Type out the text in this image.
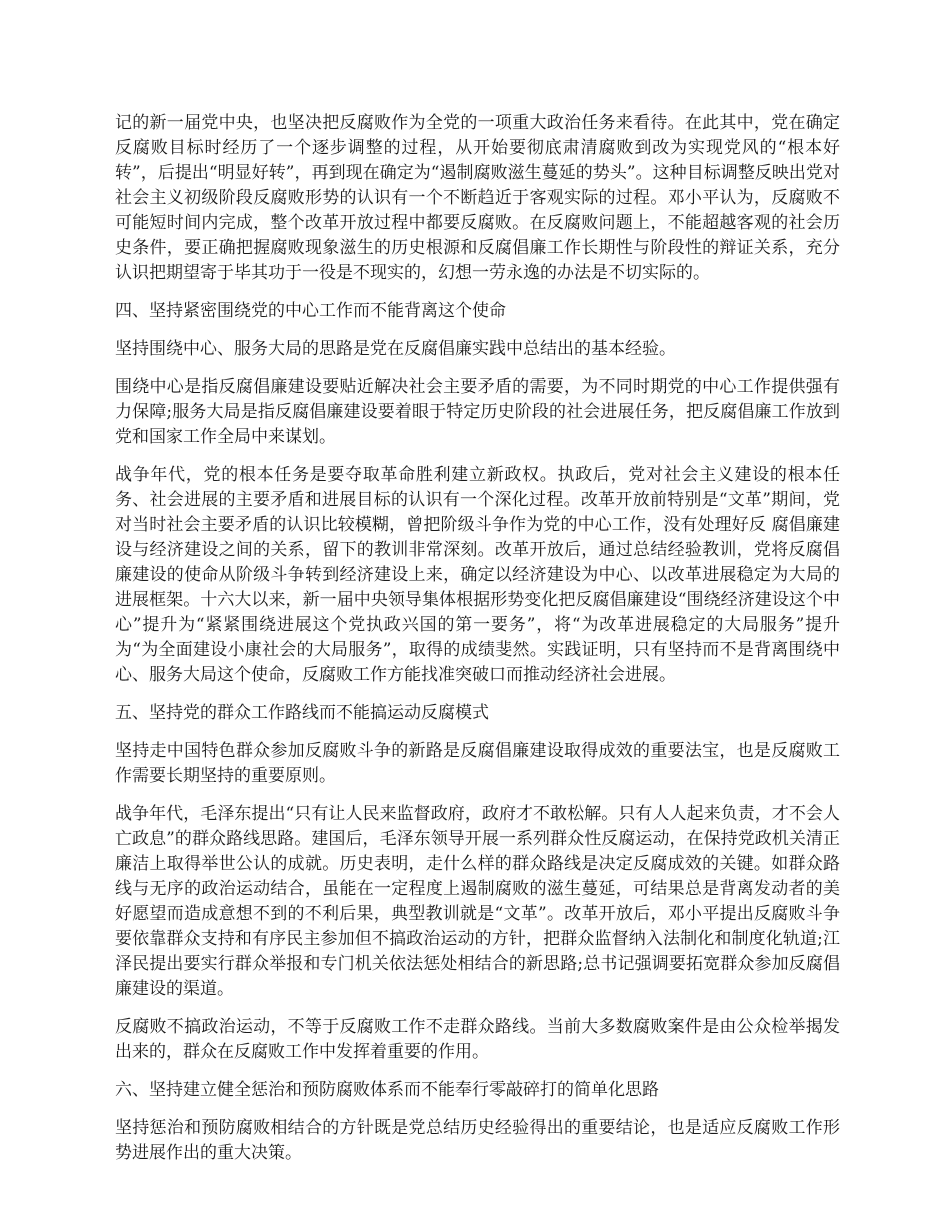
记的新一届党中央，也坚决把反腐败作为全党的一项重大政治任务来看待。在此其中，党在确定反腐败目标时经历了一个逐步调整的过程，从开始要彻底肃清腐败到改为实现党风的“根本好转”，后提出“明显好转”，再到现在确定为“遏制腐败滋生蔓延的势头”。这种目标调整反映出党对社会主义初级阶段反腐败形势的认识有一个不断趋近于客观实际的过程。邓小平认为，反腐败不可能短时间内完成，整个改革开放过程中都要反腐败。在反腐败问题上，不能超越客观的社会历史条件，要正确把握腐败现象滋生的历史根源和反腐倡廉工作长期性与阶段性的辩证关系，充分认识把期望寄于毕其功于一役是不现实的，幻想一劳永逸的办法是不切实际的。

四、坚持紧密围绕党的中心工作而不能背离这个使命

坚持围绕中心、服务大局的思路是党在反腐倡廉实践中总结出的基本经验。

围绕中心是指反腐倡廉建设要贴近解决社会主要矛盾的需要，为不同时期党的中心工作提供强有力保障;服务大局是指反腐倡廉建设要着眼于特定历史阶段的社会进展任务，把反腐倡廉工作放到党和国家工作全局中来谋划。

战争年代，党的根本任务是要夺取革命胜利建立新政权。执政后，党对社会主义建设的根本任务、社会进展的主要矛盾和进展目标的认识有一个深化过程。改革开放前特别是“文革”期间，党对当时社会主要矛盾的认识比较模糊，曾把阶级斗争作为党的中心工作，没有处理好反 腐倡廉建设与经济建设之间的关系，留下的教训非常深刻。改革开放后，通过总结经验教训，党将反腐倡廉建设的使命从阶级斗争转到经济建设上来，确定以经济建设为中心、以改革进展稳定为大局的进展框架。十六大以来，新一届中央领导集体根据形势变化把反腐倡廉建设“围绕经济建设这个中心”提升为“紧紧围绕进展这个党执政兴国的第一要务”，将“为改革进展稳定的大局服务”提升为“为全面建设小康社会的大局服务”，取得的成绩斐然。实践证明，只有坚持而不是背离围绕中心、服务大局这个使命，反腐败工作方能找准突破口而推动经济社会进展。

五、坚持党的群众工作路线而不能搞运动反腐模式

坚持走中国特色群众参加反腐败斗争的新路是反腐倡廉建设取得成效的重要法宝，也是反腐败工作需要长期坚持的重要原则。

战争年代，毛泽东提出“只有让人民来监督政府，政府才不敢松解。只有人人起来负责，才不会人亡政息”的群众路线思路。建国后，毛泽东领导开展一系列群众性反腐运动，在保持党政机关清正廉洁上取得举世公认的成就。历史表明，走什么样的群众路线是决定反腐成效的关键。如群众路线与无序的政治运动结合，虽能在一定程度上遏制腐败的滋生蔓延，可结果总是背离发动者的美好愿望而造成意想不到的不利后果，典型教训就是“文革”。改革开放后，邓小平提出反腐败斗争要依靠群众支持和有序民主参加但不搞政治运动的方针，把群众监督纳入法制化和制度化轨道;江泽民提出要实行群众举报和专门机关依法惩处相结合的新思路;总书记强调要拓宽群众参加反腐倡廉建设的渠道。

反腐败不搞政治运动，不等于反腐败工作不走群众路线。当前大多数腐败案件是由公众检举揭发出来的，群众在反腐败工作中发挥着重要的作用。

六、坚持建立健全惩治和预防腐败体系而不能奉行零敲碎打的简单化思路

坚持惩治和预防腐败相结合的方针既是党总结历史经验得出的重要结论，也是适应反腐败工作形势进展作出的重大决策。
